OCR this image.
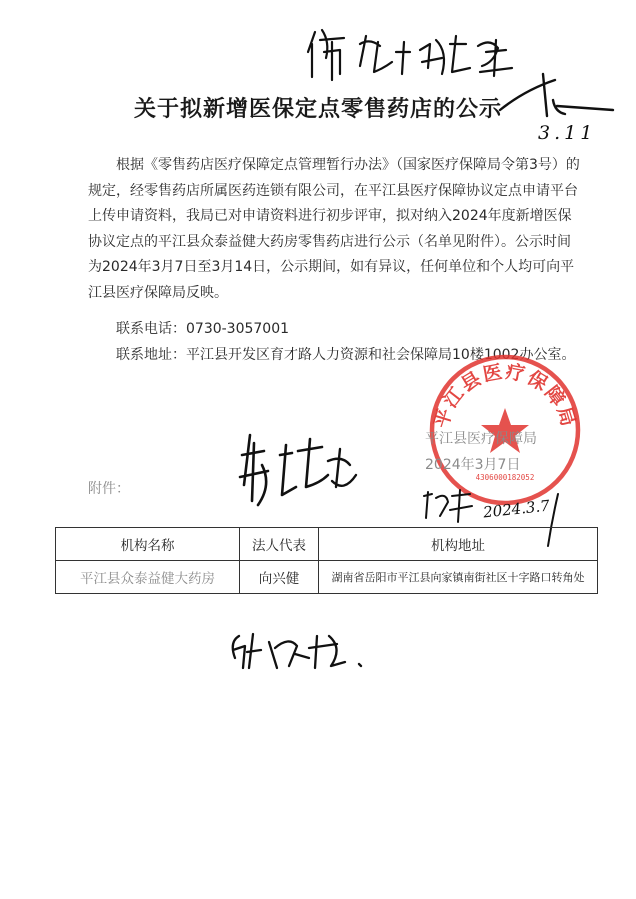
3.11
关于拟新增医保定点零售药店的公示
根据《零售药店医疗保障定点管理暂行办法》（国家医疗保障局令第3号）的规定，经零售药店所属医药连锁有限公司，在平江县医疗保障协议定点申请平台上传申请资料，我局已对申请资料进行初步评审，拟对纳入2024年度新增医保协议定点的平江县众泰益健大药房零售药店进行公示（名单见附件）。公示时间为2024年3月7日至3月14日，公示期间，如有异议，任何单位和个人均可向平江县医疗保障局反映。
联系电话：0730-3057001
联系地址：平江县开发区育才路人力资源和社会保障局10楼1002办公室。
平江县医疗保障局
4306000182052
平江县医疗保障局
2024年3月7日
附件：
2024.3.7
机构名称	法人代表	机构地址
平江县众泰益健大药房	向兴健	湖南省岳阳市平江县向家镇南街社区十字路口转角处
